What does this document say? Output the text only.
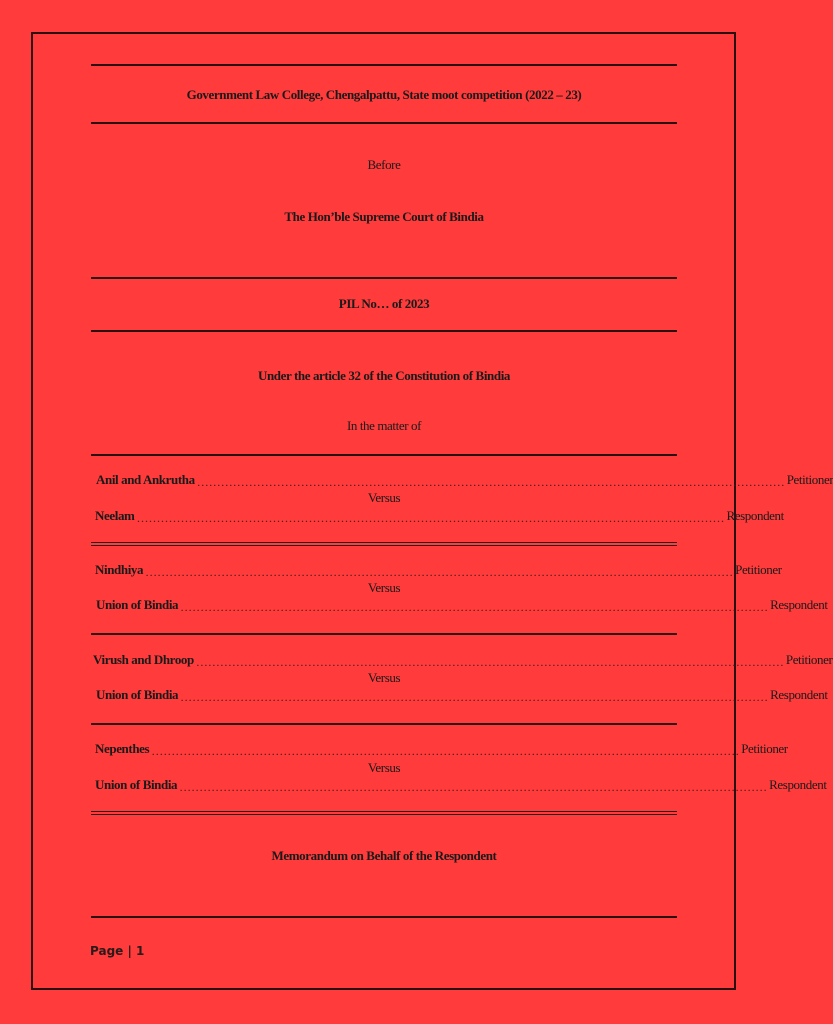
Government Law College, Chengalpattu, State moot competition (2022 – 23)
Before
The Hon’ble Supreme Court of Bindia
PIL No… of 2023
Under the article 32 of the Constitution of Bindia
In the matter of
Anil and Ankrutha ………………………………………………………………………………………………………………………………… Petitioner
Versus
Neelam ………………………………………………………………………………………………………………………………… Respondent
Nindhiya ………………………………………………………………………………………………………………………………… Petitioner
Versus
Union of Bindia ………………………………………………………………………………………………………………………………… Respondent
Virush and Dhroop ………………………………………………………………………………………………………………………………… Petitioner
Versus
Union of Bindia ………………………………………………………………………………………………………………………………… Respondent
Nepenthes ………………………………………………………………………………………………………………………………… Petitioner
Versus
Union of Bindia ………………………………………………………………………………………………………………………………… Respondent
Memorandum on Behalf of the Respondent
Page | 1
